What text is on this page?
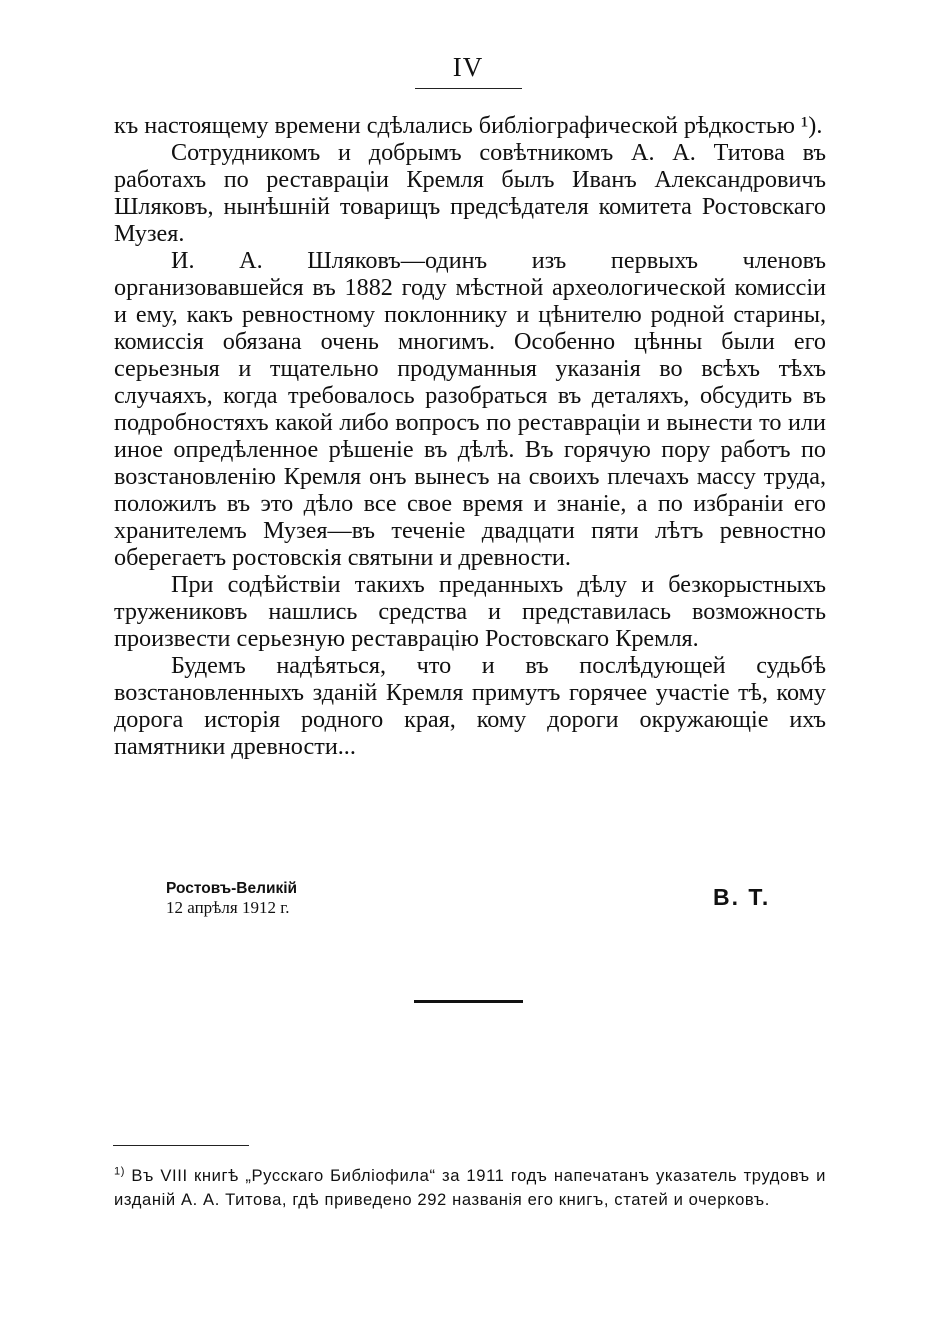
IV

къ настоящему времени сдѣлались библіографической рѣдкостью ¹).

Сотрудникомъ и добрымъ совѣтникомъ А. А. Титова въ работахъ по реставраціи Кремля былъ Иванъ Александровичъ Шляковъ, нынѣшній товарищъ предсѣдателя комитета Ростовскаго Музея.

И. А. Шляковъ—одинъ изъ первыхъ членовъ организовавшейся въ 1882 году мѣстной археологической комиссіи и ему, какъ ревностному поклоннику и цѣнителю родной старины, комиссія обязана очень многимъ. Особенно цѣнны были его серьезныя и тщательно продуманныя указанія во всѣхъ тѣхъ случаяхъ, когда требовалось разобраться въ деталяхъ, обсудить въ подробностяхъ какой либо вопросъ по реставраціи и вынести то или иное опредѣленное рѣшеніе въ дѣлѣ. Въ горячую пору работъ по возстановленію Кремля онъ вынесъ на своихъ плечахъ массу труда, положилъ въ это дѣло все свое время и знаніе, а по избраніи его хранителемъ Музея—въ теченіе двадцати пяти лѣтъ ревностно оберегаетъ ростовскія святыни и древности.

При содѣйствіи такихъ преданныхъ дѣлу и безкорыстныхъ тружениковъ нашлись средства и представилась возможность произвести серьезную реставрацію Ростовскаго Кремля.

Будемъ надѣяться, что и въ послѣдующей судьбѣ возстановленныхъ зданій Кремля примутъ горячее участіе тѣ, кому дорога исторія родного края, кому дороги окружающіе ихъ памятники древности...

Ростовъ-Великій
12 апрѣля 1912 г.	В. Т.
$^{1)}$ Въ VIII книгѣ „Русскаго Библіофила“ за 1911 годъ напечатанъ указатель трудовъ и изданій А. А. Титова, гдѣ приведено 292 названія его книгъ, статей и очерковъ.
